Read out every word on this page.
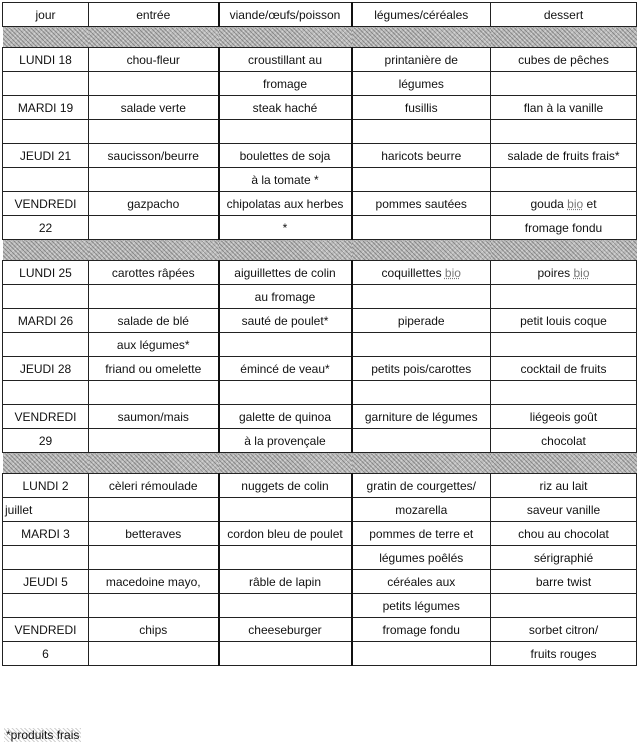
jour	entrée	viande/œufs/poisson	légumes/céréales	dessert

LUNDI 18	chou-fleur	croustillant au	printanière de	cubes de pêches
		fromage	légumes	
MARDI 19	salade verte	steak haché	fusillis	flan à la vanille

JEUDI 21	saucisson/beurre	boulettes de soja	haricots beurre	salade de fruits frais*
		à la tomate *		
VENDREDI	gazpacho	chipolatas aux herbes	pommes sautées	gouda bio et
22		*		fromage fondu

LUNDI 25	carottes râpées	aiguillettes de colin	coquillettes bio	poires bio
		au fromage		
MARDI 26	salade de blé	sauté de poulet*	piperade	petit louis coque
	aux légumes*			
JEUDI 28	friand ou omelette	émincé de veau*	petits pois/carottes	cocktail de fruits

VENDREDI	saumon/mais	galette de quinoa	garniture de légumes	liégeois goût
29		à la provençale		chocolat

LUNDI 2	cèleri rémoulade	nuggets de colin	gratin de courgettes/	riz au lait
juillet			mozarella	saveur vanille
MARDI 3	betteraves	cordon bleu de poulet	pommes de terre et	chou au chocolat
			légumes poêlés	sérigraphié
JEUDI 5	macedoine mayo,	râble de lapin	céréales aux	barre twist
			petits légumes	
VENDREDI	chips	cheeseburger	fromage fondu	sorbet citron/
6				fruits rouges
*produits frais
